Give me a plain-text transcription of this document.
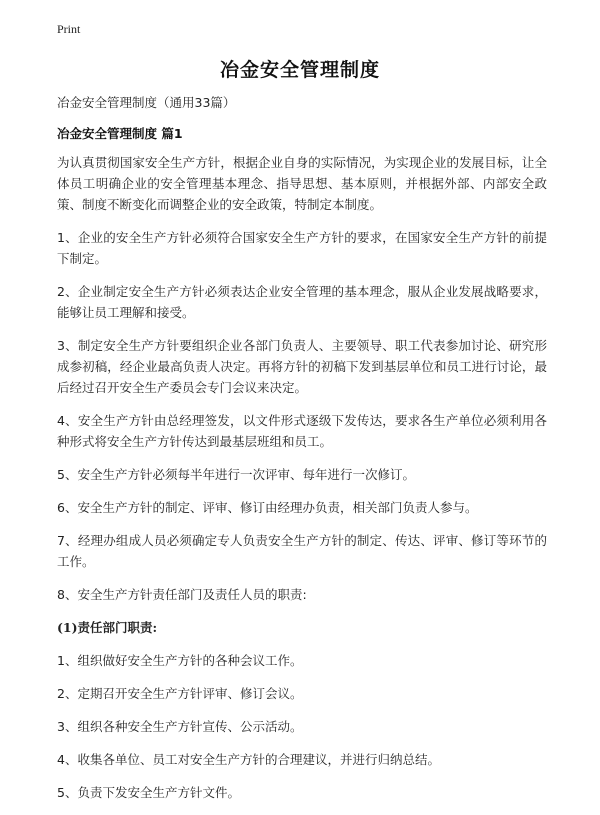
Print
冶金安全管理制度
冶金安全管理制度（通用33篇）
冶金安全管理制度 篇1

为认真贯彻国家安全生产方针，根据企业自身的实际情况，为实现企业的发展目标，让全体员工明确企业的安全管理基本理念、指导思想、基本原则，并根据外部、内部安全政策、制度不断变化而调整企业的安全政策，特制定本制度。

1、企业的安全生产方针必须符合国家安全生产方针的要求，在国家安全生产方针的前提下制定。

2、企业制定安全生产方针必须表达企业安全管理的基本理念，服从企业发展战略要求，能够让员工理解和接受。

3、制定安全生产方针要组织企业各部门负责人、主要领导、职工代表参加讨论、研究形成参初稿，经企业最高负责人决定。再将方针的初稿下发到基层单位和员工进行讨论，最后经过召开安全生产委员会专门会议来决定。

4、安全生产方针由总经理签发，以文件形式逐级下发传达，要求各生产单位必须利用各种形式将安全生产方针传达到最基层班组和员工。

5、安全生产方针必须每半年进行一次评审、每年进行一次修订。

6、安全生产方针的制定、评审、修订由经理办负责，相关部门负责人参与。

7、经理办组成人员必须确定专人负责安全生产方针的制定、传达、评审、修订等环节的工作。

8、安全生产方针责任部门及责任人员的职责:

(1)责任部门职责:

1、组织做好安全生产方针的各种会议工作。

2、定期召开安全生产方针评审、修订会议。

3、组织各种安全生产方针宣传、公示活动。

4、收集各单位、员工对安全生产方针的合理建议，并进行归纳总结。

5、负责下发安全生产方针文件。
